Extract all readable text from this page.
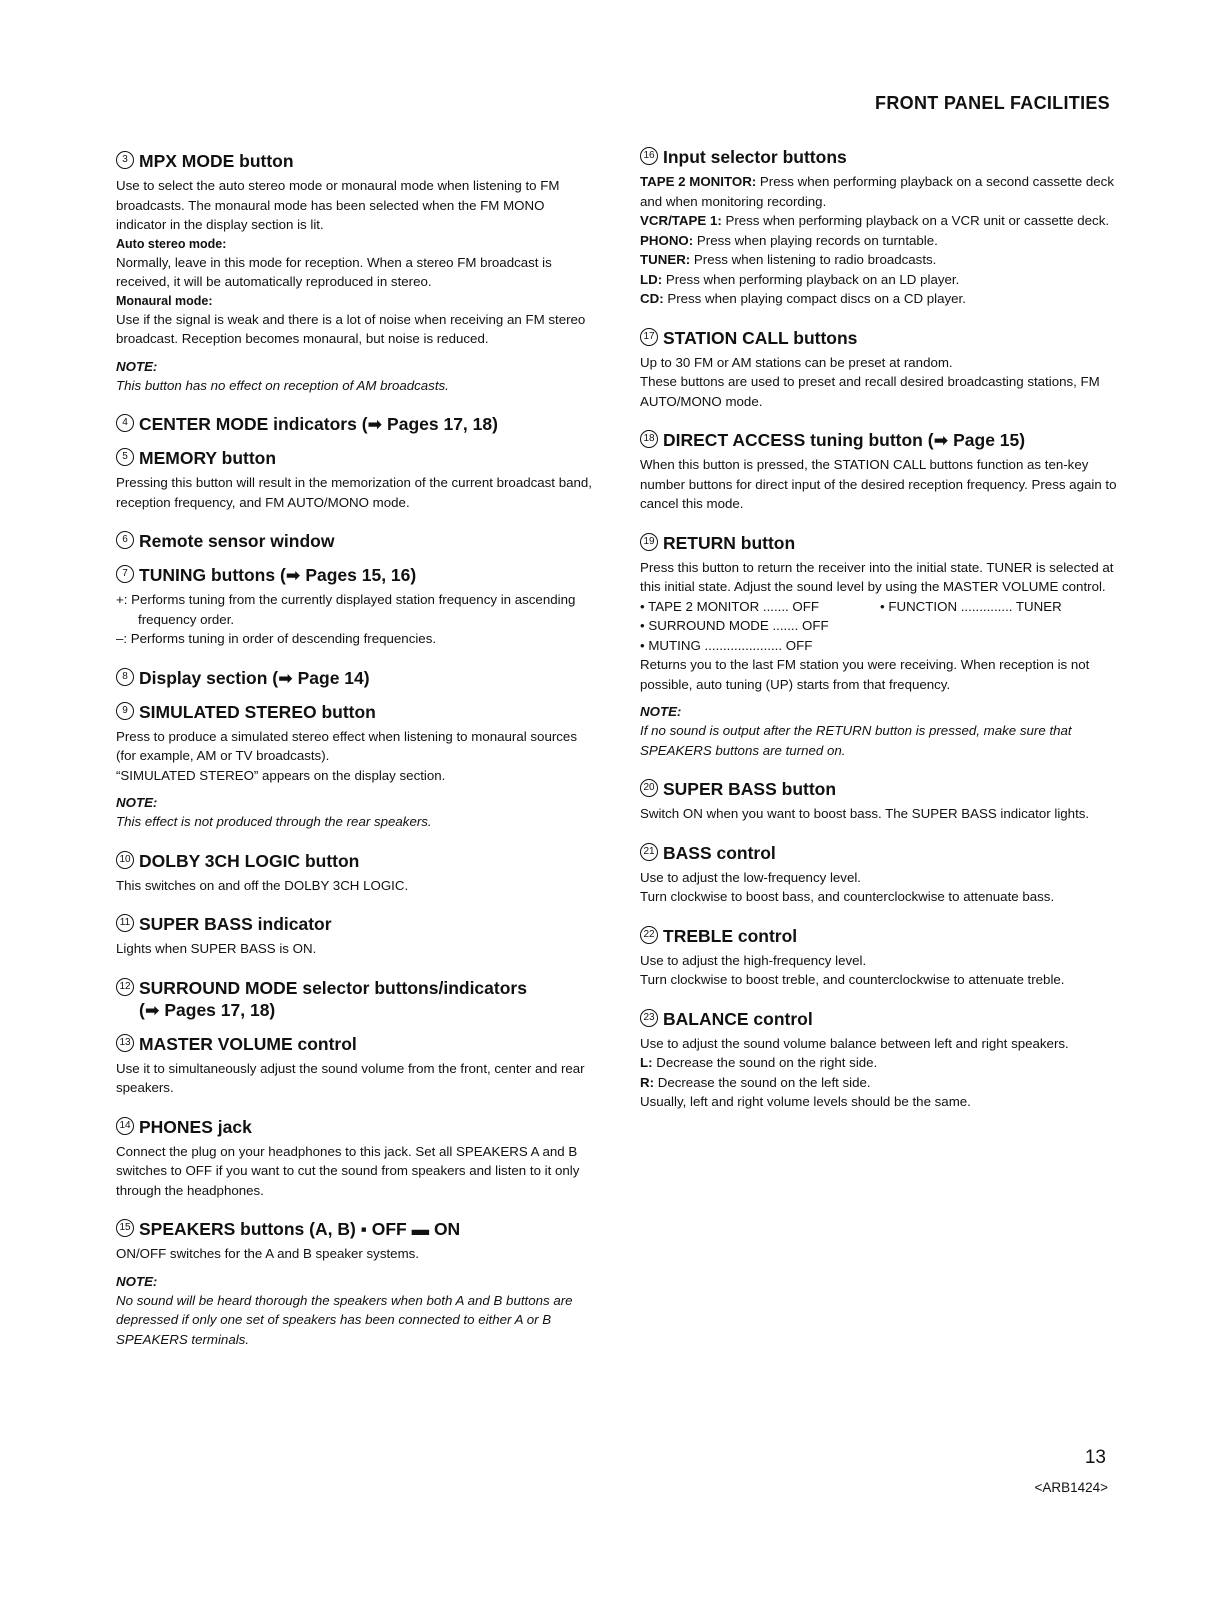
FRONT PANEL FACILITIES
3 MPX MODE button

Use to select the auto stereo mode or monaural mode when listening to FM broadcasts. The monaural mode has been selected when the FM MONO indicator in the display section is lit.

Auto stereo mode:

Normally, leave in this mode for reception. When a stereo FM broadcast is received, it will be automatically reproduced in stereo.

Monaural mode:

Use if the signal is weak and there is a lot of noise when receiving an FM stereo broadcast. Reception becomes monaural, but noise is reduced.

NOTE:
This button has no effect on reception of AM broadcasts.
4 CENTER MODE indicators
(➡ Pages 17, 18)
5 MEMORY button

Pressing this button will result in the memorization of the current broadcast band, reception frequency, and FM AUTO/MONO mode.

6 Remote sensor window
7 TUNING buttons
(➡ Pages 15, 16)

+: Performs tuning from the currently displayed station frequency in ascending frequency order.

–: Performs tuning in order of descending frequencies.

8 Display section
(➡ Page 14)
9 SIMULATED STEREO button

Press to produce a simulated stereo effect when listening to monaural sources (for example, AM or TV broadcasts).

“SIMULATED STEREO” appears on the display section.

NOTE:
This effect is not produced through the rear speakers.
10 DOLBY 3CH LOGIC button

This switches on and off the DOLBY 3CH LOGIC.

11 SUPER BASS indicator

Lights when SUPER BASS is ON.

12 SURROUND MODE selector buttons/indicators
(➡ Pages 17, 18)
13 MASTER VOLUME control

Use it to simultaneously adjust the sound volume from the front, center and rear speakers.

14 PHONES jack

Connect the plug on your headphones to this jack. Set all SPEAKERS A and B switches to OFF if you want to cut the sound from speakers and listen to it only through the headphones.

15 SPEAKERS buttons (A, B) ▪ OFF ▬ ON

ON/OFF switches for the A and B speaker systems.

NOTE:
No sound will be heard thorough the speakers when both A and B buttons are depressed if only one set of speakers has been connected to either A or B SPEAKERS terminals.
16 Input selector buttons

TAPE 2 MONITOR: Press when performing playback on a second cassette deck and when monitoring recording.

VCR/TAPE 1: Press when performing playback on a VCR unit or cassette deck.

PHONO: Press when playing records on turntable.

TUNER: Press when listening to radio broadcasts.

LD: Press when performing playback on an LD player.

CD: Press when playing compact discs on a CD player.

17 STATION CALL buttons

Up to 30 FM or AM stations can be preset at random.

These buttons are used to preset and recall desired broadcasting stations, FM AUTO/MONO mode.

18 DIRECT ACCESS tuning button
(➡ Page 15)

When this button is pressed, the STATION CALL buttons function as ten-key number buttons for direct input of the desired reception frequency. Press again to cancel this mode.

19 RETURN button

Press this button to return the receiver into the initial state. TUNER is selected at this initial state. Adjust the sound level by using the MASTER VOLUME control.

• TAPE 2 MONITOR ....... OFF	• FUNCTION .............. TUNER
• SURROUND MODE ....... OFF
• MUTING ..................... OFF

Returns you to the last FM station you were receiving. When reception is not possible, auto tuning (UP) starts from that frequency.

NOTE:
If no sound is output after the RETURN button is pressed, make sure that SPEAKERS buttons are turned on.
20 SUPER BASS button

Switch ON when you want to boost bass. The SUPER BASS indicator lights.

21 BASS control

Use to adjust the low-frequency level.

Turn clockwise to boost bass, and counterclockwise to attenuate bass.

22 TREBLE control

Use to adjust the high-frequency level.

Turn clockwise to boost treble, and counterclockwise to attenuate treble.

23 BALANCE control

Use to adjust the sound volume balance between left and right speakers.

L: Decrease the sound on the right side.

R: Decrease the sound on the left side.

Usually, left and right volume levels should be the same.

13
<ARB1424>
